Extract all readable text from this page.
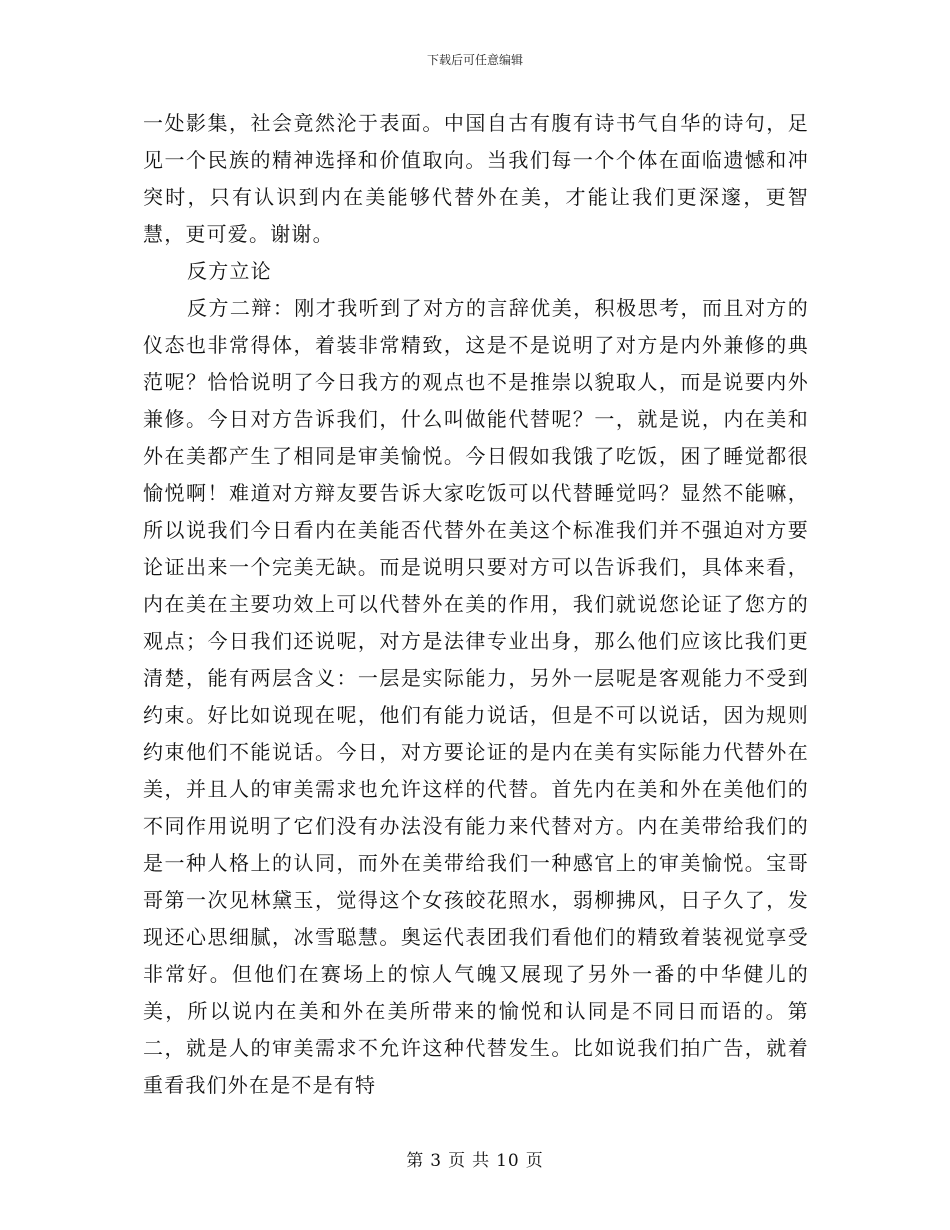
下载后可任意编辑

一处影集，社会竟然沦于表面。中国自古有腹有诗书气自华的诗句，足见一个民族的精神选择和价值取向。当我们每一个个体在面临遗憾和冲突时，只有认识到内在美能够代替外在美，才能让我们更深邃，更智慧，更可爱。谢谢。

反方立论

反方二辩：刚才我听到了对方的言辞优美，积极思考，而且对方的仪态也非常得体，着装非常精致，这是不是说明了对方是内外兼修的典范呢？恰恰说明了今日我方的观点也不是推崇以貌取人，而是说要内外兼修。今日对方告诉我们，什么叫做能代替呢？一，就是说，内在美和外在美都产生了相同是审美愉悦。今日假如我饿了吃饭，困了睡觉都很愉悦啊！难道对方辩友要告诉大家吃饭可以代替睡觉吗？显然不能嘛，所以说我们今日看内在美能否代替外在美这个标准我们并不强迫对方要论证出来一个完美无缺。而是说明只要对方可以告诉我们，具体来看，内在美在主要功效上可以代替外在美的作用，我们就说您论证了您方的观点；今日我们还说呢，对方是法律专业出身，那么他们应该比我们更清楚，能有两层含义：一层是实际能力，另外一层呢是客观能力不受到约束。好比如说现在呢，他们有能力说话，但是不可以说话，因为规则约束他们不能说话。今日，对方要论证的是内在美有实际能力代替外在美，并且人的审美需求也允许这样的代替。首先内在美和外在美他们的不同作用说明了它们没有办法没有能力来代替对方。内在美带给我们的是一种人格上的认同，而外在美带给我们一种感官上的审美愉悦。宝哥哥第一次见林黛玉，觉得这个女孩皎花照水，弱柳拂风，日子久了，发现还心思细腻，冰雪聪慧。奥运代表团我们看他们的精致着装视觉享受非常好。但他们在赛场上的惊人气魄又展现了另外一番的中华健儿的美，所以说内在美和外在美所带来的愉悦和认同是不同日而语的。第二，就是人的审美需求不允许这种代替发生。比如说我们拍广告，就着重看我们外在是不是有特

第 3 页 共 10 页
